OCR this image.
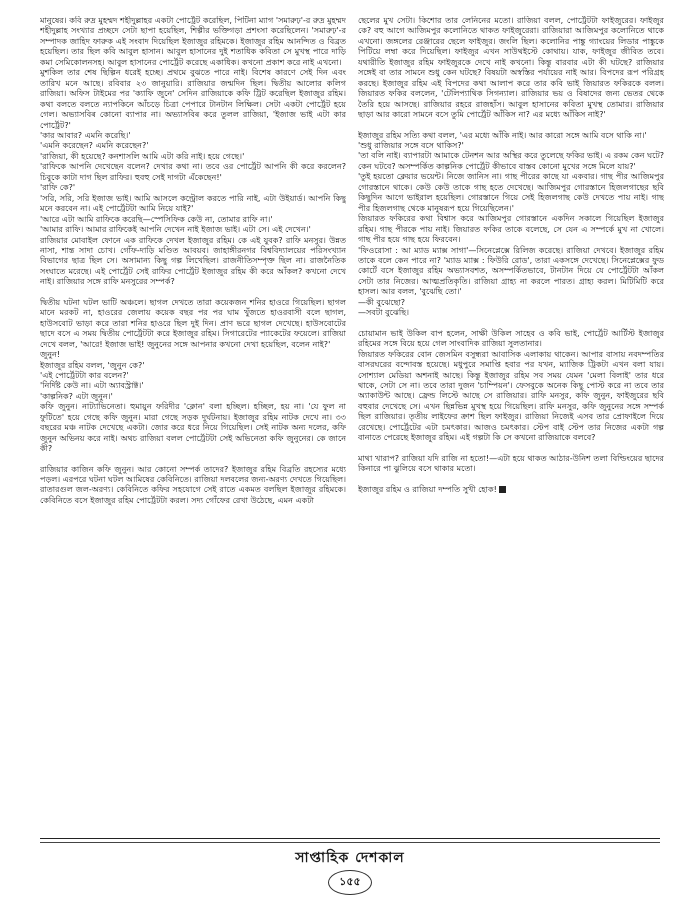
মানুষের। কবি রুদ্র মুহম্মদ শহীদুল্লাহর একটা পোর্ট্রেট করেছিল, পিটিনা ম্যাগ 'সমারুঢ়'-র রুদ্র মুহম্মদ শহীদুল্লাহ সংখ্যার প্রচ্ছদে সেটা ছাপা হয়েছিল, শিল্পীর ভক্তিগড়া প্রশংসা করেছিলেন। 'সমারুঢ়'-র সম্পাদক জাহিদ ফারুক এই সংবাদ দিয়েছিল ইজাজুর রহিমকে। ইজাজুর রহিম আনন্দিত ও বিব্রত হয়েছিল। তার ছিল কবি আবুল হাসান। আবুল হাসানের দুই শতাধিক কবিতা সে মুখস্থ পারে দাড়ি কমা সেমিকোলনসহ। আবুল হাসানের পোর্ট্রেট করেছে একাধিক। কখনো প্রকাশ করে নাই এখনো।

মুশকিল তার শেষ ছিল্পিন ধরেই হচ্ছে। প্রথমে বুঝতে পারে নাই। বিশেষ কারণে সেই দিন এবং তারিখ মনে আছে। রবিবার ২৩ জানুয়ারি। রাজিয়ার জন্মদিন ছিল। দ্বিতীয় আলোর কলিগ রাজিয়া। অফিস টাইমের পর 'ক্যাফি জুনে' সেদিন রাজিয়াকে কফি ট্রিট করেছিল ইজাজুর রহিম। কথা বলতে বলতে ন্যাপকিনে আঁচড়ে চিত্রা পেপারে টানটান লিক্ষিল। সেটা একটা পোর্ট্রেট হয়ে গেল। অভ্যাসবিৰ কোনো ব্যাপার না। অভ্যাসবিৰ করে তুলল রাজিয়া, 'ইজাজ ভাই এটা কার পোর্ট্রেট?'

'কার আবার? এমনি করেছি।'

'এমনি করেছেন? এমনি করেছেন?'

'রাজিয়া, কী হয়েছে? কনশাসলি আমি এটা করি নাই। হয়ে গেছে।'

'রাফিকে আপনি দেখেছেন বলেন? দেখার কথা না। তবে ওর পোর্ট্রেট আপনি কী করে করলেন? চিবুকে কাটা দাগ ছিল রাফির। হুবহু সেই দাগটা এঁকেছেন!'

'রাফি কে?'

'সরি, সরি, সরি ইজাজ ভাই। আমি আসলে কন্ট্রোল করতে পারি নাই, এটা উইয়ার্ড। আপনি কিছু মনে করবেন না। এই পোর্ট্রেটটা আমি নিয়ে যাই?'

'আরে এটা আমি রাফিকে করেছি—স্পেসিফিক কেউ না, তোমার রাফি না।'

'আমার রাফি। আমার রাফিকেই আপনি দেখেন নাই ইজাজ ভাই। এটা সে। এই দেখেন।'

রাজিয়ার মোবাইল ফোনে এক রাফিকে দেখল ইজাজুর রহিম। কে এই যুবক? রাফি মনসুর। উন্নত নাসা, শান্ত সাদা চোখ। গোঁফ-দাড়ি মণ্ডিত আবয়ব। জাহাঙ্গীরনগর বিশ্ববিদ্যালয়ের পরিসংখ্যান বিভাগের ছাত্র ছিল সে। অসামান্য কিছু গল্প লিখেছিল। রাজনীতিসম্পৃক্ত ছিল না। রাজনৈতিক সংঘাতে মরেছে। এই পোর্ট্রেট সেই রাফির পোর্ট্রেট ইজাজুর রহিম কী করে আঁকল? কখনো দেখে নাই। রাজিয়ার সঙ্গে রাফি মনসুরের সম্পর্ক?

দ্বিতীয় ঘটনা ঘটল ভাটি অঞ্চলে। ছাগল দেখতে তারা কয়েকজন শনির হাওরে গিয়েছিল। ছাগল মানে মরকট না, হাওরের জেলায় কয়েক বছর পর পর ঘাম খুঁজতে হাওরবাসী বলে ছাগল, হাউসবোট ভাড়া করে তারা শনির হাওরে ছিল দুই দিন। প্রাণ ভরে ছাগল দেখেছে। হাউসবোটের ছাদে বসে এ সময় দ্বিতীয় পোর্ট্রেটটা করে ইজাজুর রহিম। সিগারেটের প্যাকেটের ফয়েলে। রাজিয়া দেখে বলল, 'আরে! ইজাজ ভাই! জুনুনের সঙ্গে আপনার কখনো দেখা হয়েছিল, বলেন নাই?'

জুনুন!

ইজাজুর রহিম বলল, 'জুনুন কে?'

'এই পোর্ট্রেটটা কার বলেন?'

'নির্দিষ্ট কেউ না। এটা অ্যাবস্ট্রাক্ট।'

'কাল্পনিক? এটা জুনুন।'

কফি জুনুন। নাট্যাভিনেতা। হুমায়ুন ফরিদীর 'ক্লোন' বলা হচ্ছিল। হচ্ছিল, হয় না। 'যে ফুল না ফুটিতে' হয়ে গেছে কফি জুনুন। মারা গেছে সড়ক দুর্ঘটনায়। ইজাজুর রহিম নাটক দেখে না। ৩৩ বছরের মঞ্চ নাটক দেখেছে একটা। জোর করে ধরে নিয়ে গিয়েছিল। সেই নাটক অন্য দলের, কফি জুনুন অভিনয় করে নাই। অথচ রাজিয়া বলল পোর্ট্রেটটা সেই অভিনেতা কফি জুনুনের। কে জানে কী?

রাজিয়ার কাজিন কফি জুনুন। আর কোনো সম্পর্ক তাদের? ইজাজুর রহিম বিব্রতি রহস্যের মধ্যে পড়ল। এরপরে ঘটনা ঘটল আমিষের কেবিনিতে। রাজিয়া দলবলের জন্য-অরণ্য দেখতে গিয়েছিল। রাতারগুল জল-অরণ্য। কেবিনিতে কফির সহযোগে সেই রাতে একমত বলছিল ইজাজুর রহিমকে। কেবিনিতে বসে ইজাজুর রহিম পোর্ট্রেটটা করল। সদ্য গোঁফের রেখা উঠেছে, এমন একটা

ছেলের মুখ সেটা। কিশোর তার লেনিনের মতো। রাজিয়া বলল, পোর্ট্রেটটা ফাইজুরের। ফাইজুর কে? বহু আগে আজিমপুর কলোনিতে থাকত ফাইজুরেরা। রাজিয়ারা আজিমপুর কলোনিতে থাকে এখনো। জঙ্গলের রেঞ্জারের ছেলে ফাইজুর। জংলি ছিল। কলোনির পাঙ্কু গ্যাংয়ের লিডার পাঙ্কুকে পিটিয়ে লম্বা করে দিয়েছিল। ফাইজুর এখন সাউথইস্টে কোথায়। যাক, ফাইজুর জীবিত তবে। যথারীতি ইজাজুর রহিম ফাইজুরকে দেখে নাই কখনো। কিন্তু বারবার এটা কী ঘটছে? রাজিয়ার সঙ্গেই বা তার সামনে শুধু কেন ঘটছে? বিষয়টা অস্বস্তির পর্যায়ের নাই আর। বিপদের রূপ পরিগ্রহ করছে। ইজাজুর রহিম এই বিপদের কথা আলাপ করে তার কবি ভাই জিয়ারত ফকিরকে বলল। জিয়ারত ফকির বললেন, 'টেলিপ্যাথিক সিগন্যাল। রাজিয়ার ভয় ও বিষাদের জন্য ভেতর থেকে তৈরি হয়ে আসছে। রাজিয়ার রহরে রাজহাঁস। আবুল হাসানের কবিতা মুখস্থ তোমার। রাজিয়ার ছাড়া আর কারো সামনে বসে তুমি পোর্ট্রেট আঁকিস না? এর মধ্যে আঁকিস নাই?'

ইজাজুর রহিম সত্যি কথা বলল, 'এর মধ্যে আঁকি নাই। আর কারো সঙ্গে আমি বসে থাকি না।'

'শুধু রাজিয়ার সঙ্গে বসে থাকিস?'

'তা বলি নাই। ব্যাপারটা আমাকে টেনশন আর অস্থির করে তুলেছে ফকির ভাই। এ রকম কেন ঘটে? কেন ঘটবে? অসম্পর্কিত কাল্পনিক পোর্ট্রেট কীভাবে বাস্তব কোনো মুখের সঙ্গে মিলে যায়?'

'তুই হয়তো ক্লেয়ার ভয়েন্ট। নিজে জানিস না। গাছ পীরের কাছে যা একবার। গাছ পীর আজিমপুর গোরস্তানে থাকে। কেউ কেউ তাকে গাছ হতে দেখেছে। আজিমপুর গোরস্তানে হিজলগাছের ছবি কিছুদিন আগে ভাইরাল হয়েছিল। গোরস্তানে গিয়ে সেই হিজলগাছ কেউ দেখতে পায় নাই। গাছ পীর হিজলগাছ থেকে মানুষরূপ হয়ে গিয়েছিলেন।'

জিয়ারত ফকিরের কথা বিশ্বাস করে আজিমপুর গোরস্তানে একদিন সকালে গিয়েছিল ইজাজুর রহিম। গাছ পীরকে পায় নাই। জিয়ারত ফকির তাকে বলেছে, সে যেন এ সম্পর্কে মুখ না খোলে। গাছ পীর হয়ে গাছ হয়ে ফিরবেন।

'ফিওরোসা : আ ম্যাড ম্যাক্স সাগা'—সিনেপ্লেক্সে রিলিজ করেছে। রাজিয়া দেখবে। ইজাজুর রহিম তাকে বলে কেন পারে না? 'ম্যাড ম্যাক্স : ফিউরি রোড', তারা একসঙ্গে দেখেছে। সিনেপ্লেক্সের ফুড কোর্টে বসে ইজাজুর রহিম অভ্যাসবশত, অসম্পর্কিতভাবে, টানটান দিয়ে যে পোর্ট্রেটটা আঁকল সেটা তার নিজের। আত্মপ্রতিকৃতি। রাজিয়া গ্রাহ্য না করলে পারত। গ্রাহ্য করল। মিটিমিটি করে হাসল। আর বলল, 'বুঝেছি তো।'

—কী বুঝেছো?

—সবটা বুঝেছি।

চোয়ামান ভাই উকিল বাপ হলেন, সাক্ষী উকিল সাহেব ও কবি ভাই, পোর্ট্রেট আর্টিস্ট ইজাজুর রহিমের সঙ্গে বিয়ে হয়ে গেল সাংবাদিক রাজিয়া সুলতানার।

জিয়ারত ফকিরের বোন জেসমিন বসুন্ধরা আবাসিক এলাকায় থাকেন। আপার বাসায় নবদম্পতির বাসরঘরের বন্দোবস্ত হয়েছে। মধুপুরে সমাপ্তি হবার পর যখন, ম্যাজিক ট্রিকটা এখন বলা যায়। সোশ্যাল মেডিয়া অশনাই আছে। কিন্তু ইজাজুর রহিম সব সময় যেমন 'মেলা বিলাই' তার ধরে থাকে, সেটা সে না। তবে তারা দুজন 'চাম্পিয়ন'। ফেসবুকে অনেক কিছু পোস্ট করে না তবে তার অ্যাকাউন্ট আছে। ফ্রেন্ড লিস্টে আছে সে রাজিয়ার। রাফি মনসুর, কফি জুনুন, ফাইজুরের ছবি বহুবার দেখেছে সে। এখন ছিন্নভিন্ন মুখস্থ হয়ে গিয়েছিল। রাফি মনসুর, কফি জুনুনের সঙ্গে সম্পর্ক ছিল রাজিয়ার। তৃতীয় লাইফের ক্রাশ ছিল ফাইজুর। রাজিয়া নিজেই এসব তার প্রোফাইলে দিয়ে রেখেছে। পোর্ট্রেটের এটা চমৎকার। আজও চমৎকার। স্টেপ বাই স্টেপ তার নিজের একটা গল্প বানাতে পেরেছে ইজাজুর রহিম। এই গল্পটা কি সে কখনো রাজিয়াকে বলবে?

মাথা খারাপ? রাজিয়া যদি রাজি না হতো!—এটা হয়ে থাকত আঠার-উনিশ তলা বিল্ডিংয়ের ছাদের কিনারে পা ঝুলিয়ে বসে থাকার মতো।

ইজাজুর রহিম ও রাজিয়া দম্পতি সুখী হোক!

সাপ্তাহিক দেশকাল
১৫৫
